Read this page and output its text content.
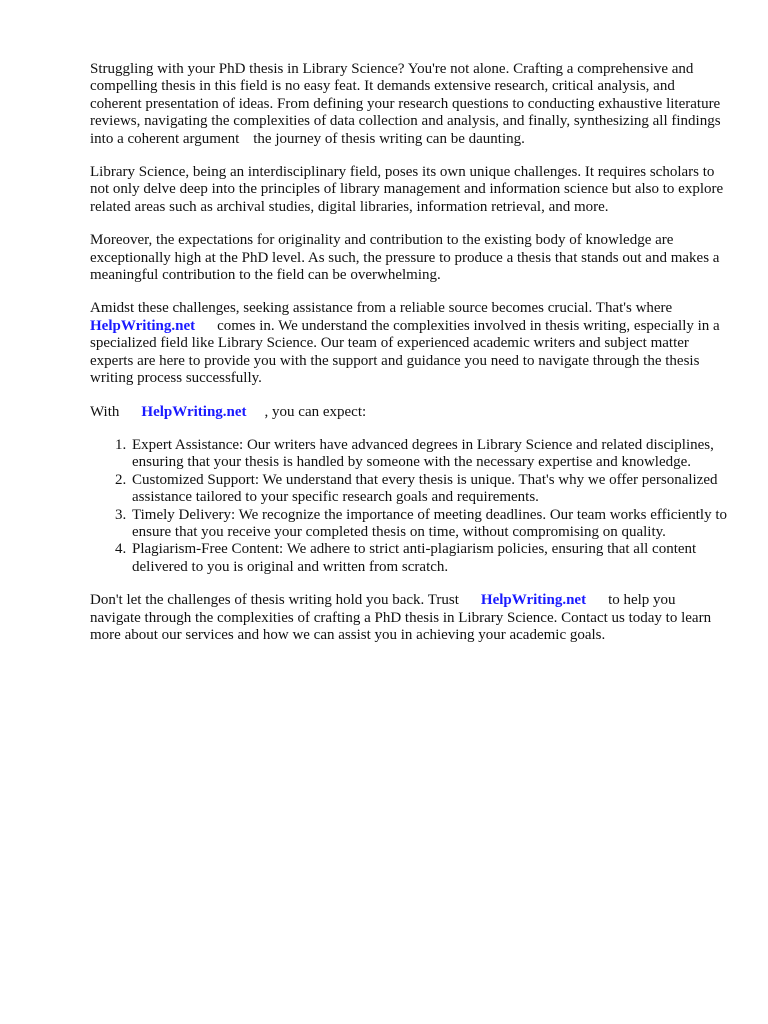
Struggling with your PhD thesis in Library Science? You're not alone. Crafting a comprehensive and compelling thesis in this field is no easy feat. It demands extensive research, critical analysis, and coherent presentation of ideas. From defining your research questions to conducting exhaustive literature reviews, navigating the complexities of data collection and analysis, and finally, synthesizing all findings into a coherent argument the journey of thesis writing can be daunting.

Library Science, being an interdisciplinary field, poses its own unique challenges. It requires scholars to not only delve deep into the principles of library management and information science but also to explore related areas such as archival studies, digital libraries, information retrieval, and more.

Moreover, the expectations for originality and contribution to the existing body of knowledge are exceptionally high at the PhD level. As such, the pressure to produce a thesis that stands out and makes a meaningful contribution to the field can be overwhelming.

Amidst these challenges, seeking assistance from a reliable source becomes crucial. That's where
HelpWriting.net comes in. We understand the complexities involved in thesis writing, especially in a specialized field like Library Science. Our team of experienced academic writers and subject matter experts are here to provide you with the support and guidance you need to navigate through the thesis writing process successfully.

With HelpWriting.net , you can expect:

1. Expert Assistance: Our writers have advanced degrees in Library Science and related disciplines, ensuring that your thesis is handled by someone with the necessary expertise and knowledge.
2. Customized Support: We understand that every thesis is unique. That's why we offer personalized assistance tailored to your specific research goals and requirements.
3. Timely Delivery: We recognize the importance of meeting deadlines. Our team works efficiently to ensure that you receive your completed thesis on time, without compromising on quality.
4. Plagiarism-Free Content: We adhere to strict anti-plagiarism policies, ensuring that all content delivered to you is original and written from scratch.

Don't let the challenges of thesis writing hold you back. Trust HelpWriting.net to help you navigate through the complexities of crafting a PhD thesis in Library Science. Contact us today to learn more about our services and how we can assist you in achieving your academic goals.
